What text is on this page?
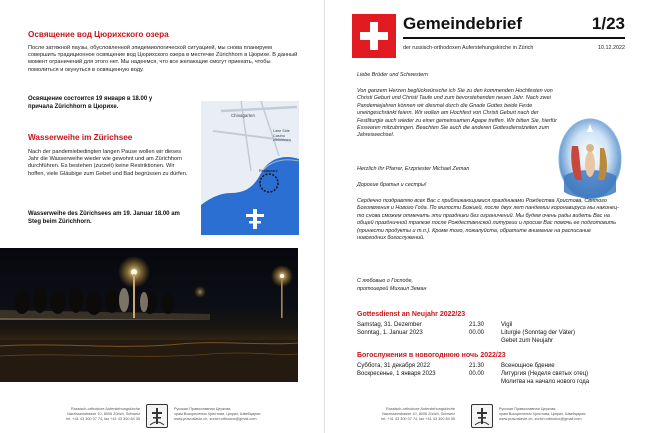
Освящение вод Цюрихского озера
После затяжной паузы, обусловленной эпидемиологической ситуацией, мы снова планируем совершить традиционное освящение вод Цюрихского озера в местечке Zürichhorn в Цюрихе. В данный момент ограничений для этого нет. Мы надеемся, что все желающие смогут приехать, чтобы помолиться и окунуться в освященную воду.
Освящение состоится 19 января в 18.00 у причала Zürichhorn в Цюрихе.
Wasserweihe im Zürichsee
Nach der pandemiebedingten langen Pause wollen wir dieses Jahr die Wasserweihe wieder wie gewohnt und am Zürichhorn durchführen. Es bestehen (zurzeit) keine Restriktionen. Wir hoffen, viele Gläubige zum Gebet und Bad begrüssen zu dürfen.
Wasserweihe des Zürichsees am 19. Januar 18.00 am Steg beim Zürichhorn.
Chinagarten
Lake Side Casino zürichhorn
Restaurant
Russisch-orthodoxe Auferstehungskirche
Narzissenstrasse 10, 8006 Zürich, Schweiz
tel. +41 43 300 07 74, fax +41 43 300 84 35
Русская Православная Церковь
храм Воскресения Христова, Цюрих, Швейцария
www.pravoslavie.ch, zurich.orthodox@gmail.com
Gemeindebrief	1/23
der russisch-orthodoxen Auferstehungskirche in Zürich	10.12.2022
Liebe Brüder und Schwestern
Von ganzem Herzen beglückwünsche ich Sie zu den kommenden Hochfesten von Christi Geburt und Christi Taufe und zum bevorstehenden neuen Jahr. Nach zwei Pandemiejahren können wir diesmal durch die Gnade Gottes beide Feste uneingeschränkt feiern. Wir wollen am Hochfest von Christi Geburt nach der Festliturgie auch wieder zu einer gemeinsamen Agape treffen. Wir bitten Sie, hierfür Esswaren mitzubringen. Beachten Sie auch die anderen Gottesdienstzeiten zum Jahreswechsel.
Herzlich Ihr Pfarrer, Erzpriester Michael Zeman
Дорогие братья и сестры!
Сердечно поздравляю всех Вас с приближающимися праздниками Рождества Христова, Святого Богоявления и Нового Года. По милости Божией, после двух лет пандемии коронавируса мы наконец-то снова сможем отмечать эти праздники без ограничений. Мы будем очень рады видеть Вас на общей праздничной трапезе после Рождественской литургии и просим Вас помочь ее подготовить (принести продукты и т.п.). Кроме того, пожалуйста, обратите внимание на расписание новогодних богослужений.
С любовью о Господе,
протоиерей Михаил Земан
Gottesdienst an Neujahr 2022/23
Samstag, 31. Dezember	21.30	Vigil
Sonntag, 1. Januar 2023	00.00	Liturgie (Sonntag der Väter)
Gebet zum Neujahr
Богослужения в новогоднюю ночь 2022/23
Суббота, 31 декабря 2022	21.30	Всенощное бдение
Воскресенье, 1 января 2023	00.00	Литургия (Неделя святых отец)
Молитва на начало нового года
Russisch-orthodoxe Auferstehungskirche
Narzissenstrasse 10, 8006 Zürich, Schweiz
tel. +41 43 300 07 74, fax +41 43 300 84 35
Русская Православная Церковь
храм Воскресения Христова, Цюрих, Швейцария
www.pravoslavie.ch, zurich.orthodox@gmail.com
